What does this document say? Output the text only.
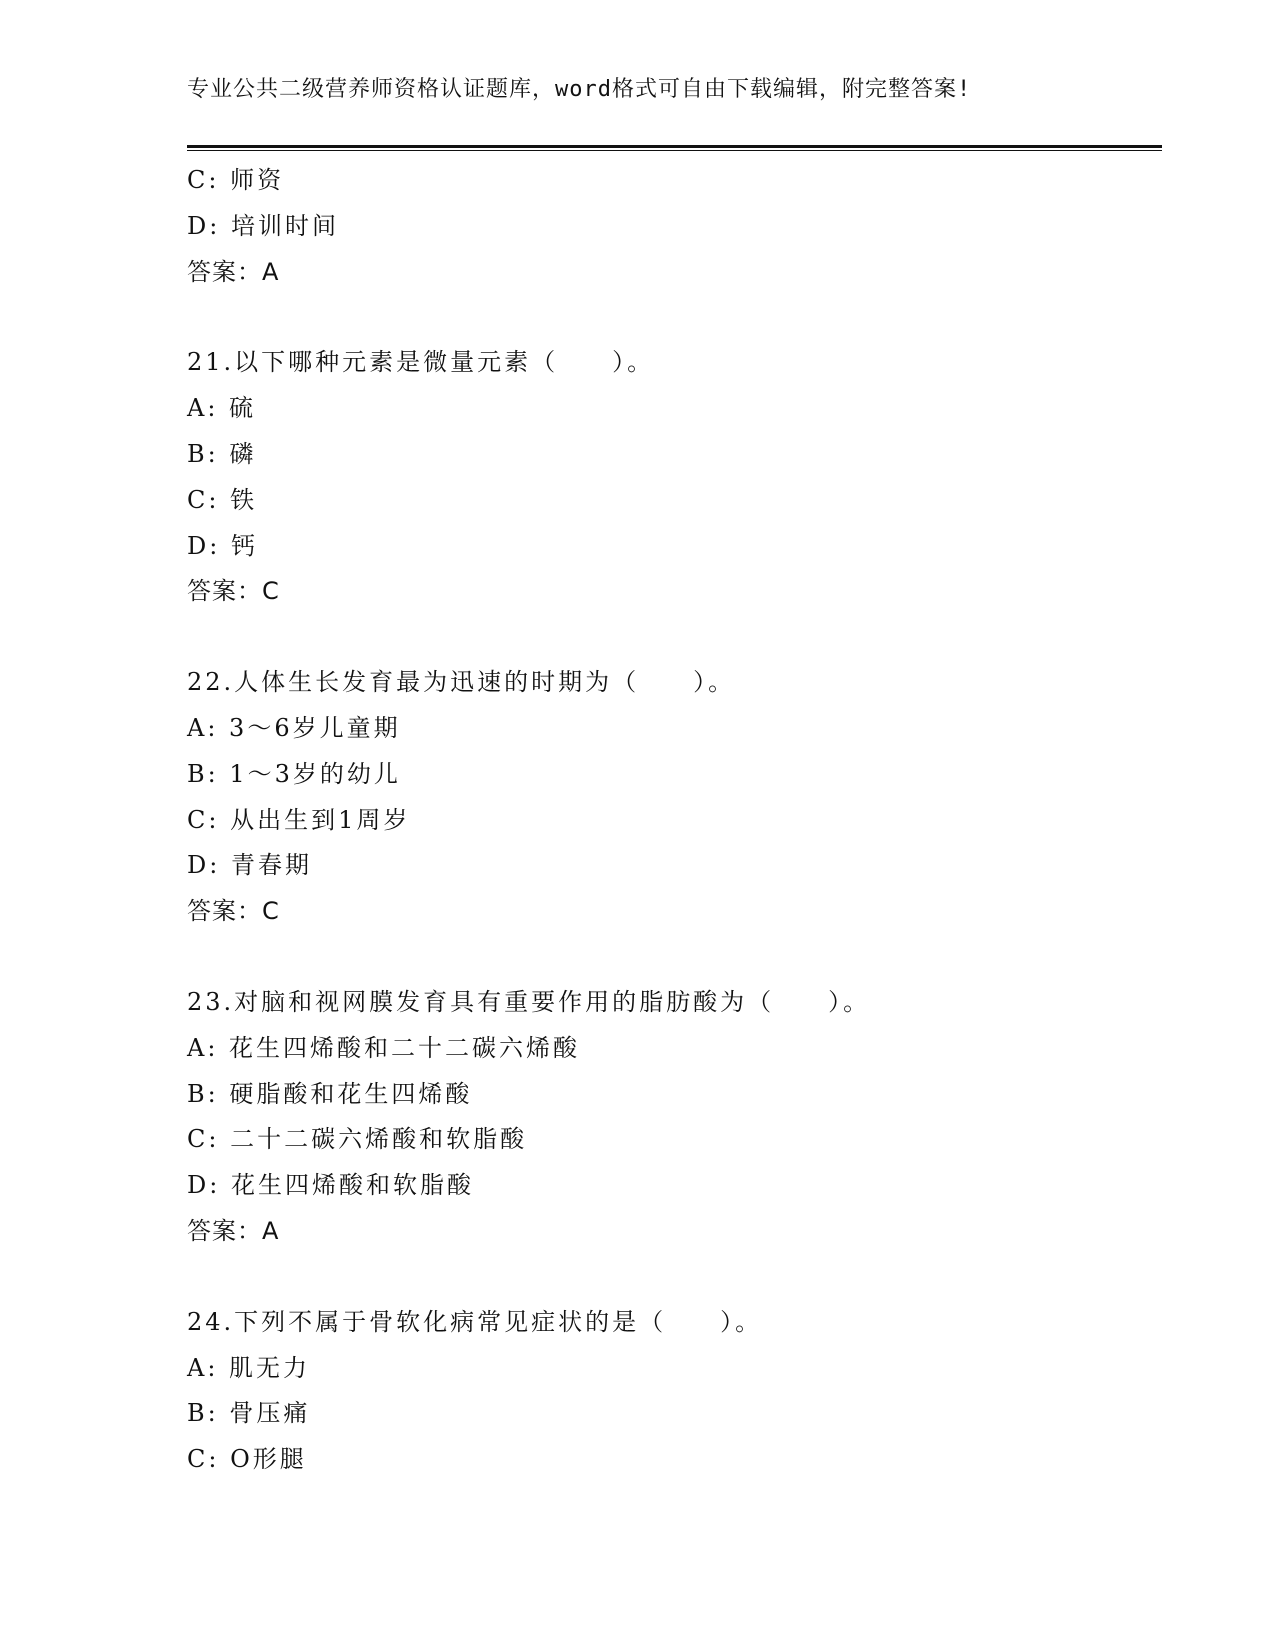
专业公共二级营养师资格认证题库，word格式可自由下载编辑，附完整答案!
C: 师资
D: 培训时间
答案：A
21.以下哪种元素是微量元素（　　）。
A: 硫
B: 磷
C: 铁
D: 钙
答案：C
22.人体生长发育最为迅速的时期为（　　）。
A: 3～6岁儿童期
B: 1～3岁的幼儿
C: 从出生到1周岁
D: 青春期
答案：C
23.对脑和视网膜发育具有重要作用的脂肪酸为（　　）。
A: 花生四烯酸和二十二碳六烯酸
B: 硬脂酸和花生四烯酸
C: 二十二碳六烯酸和软脂酸
D: 花生四烯酸和软脂酸
答案：A
24.下列不属于骨软化病常见症状的是（　　）。
A: 肌无力
B: 骨压痛
C: O形腿
